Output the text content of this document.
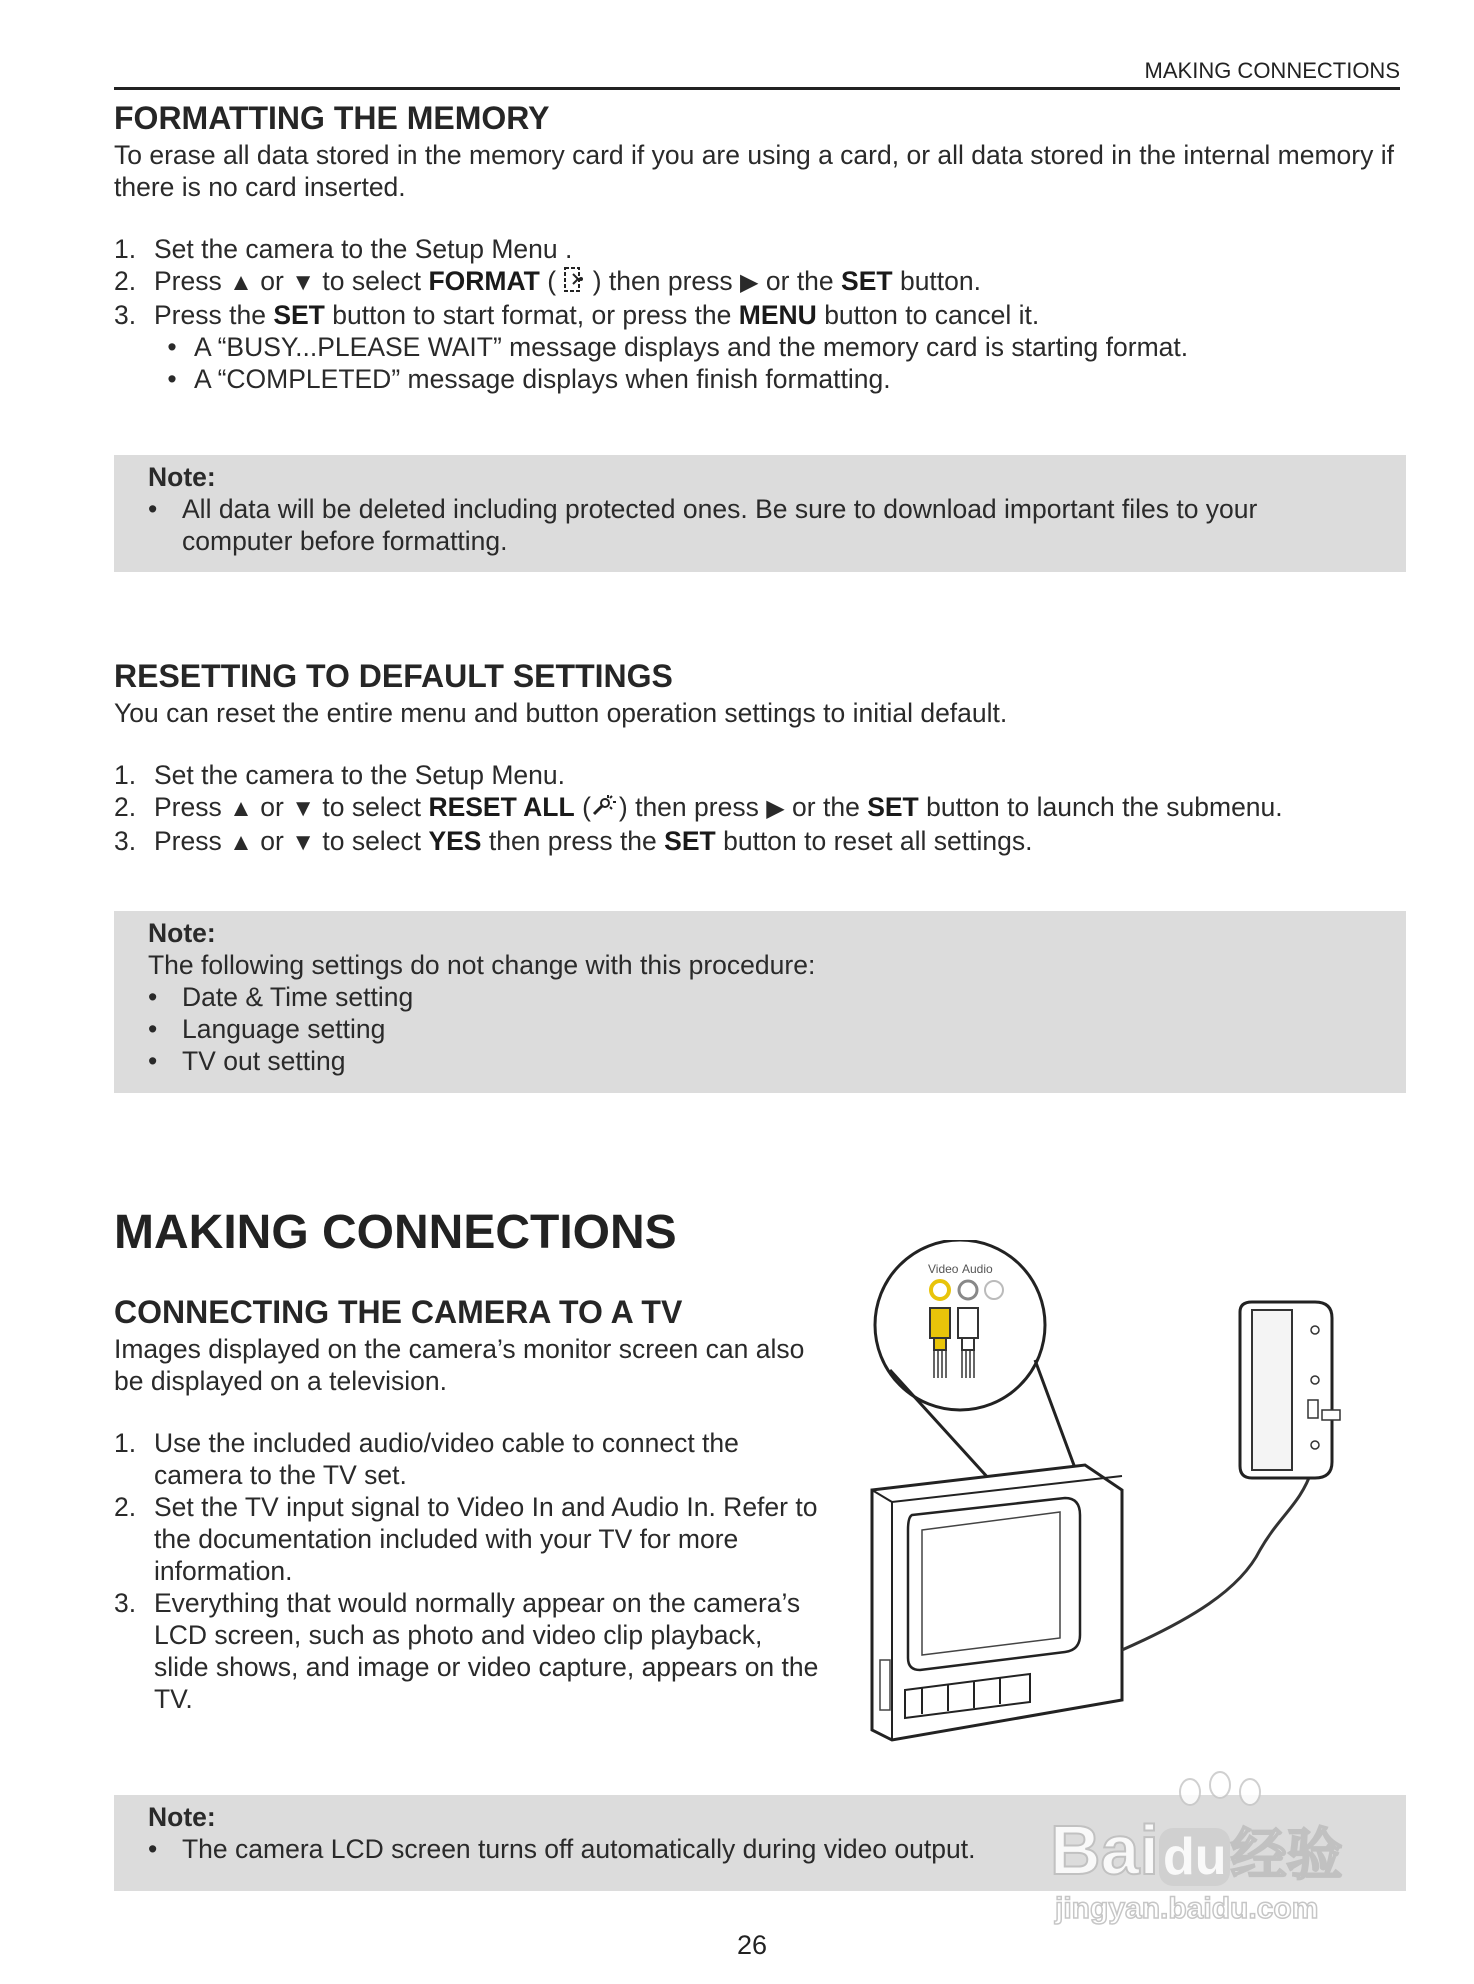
MAKING CONNECTIONS
FORMATTING THE MEMORY

To erase all data stored in the memory card if you are using a card, or all data stored in the internal memory if there is no card inserted.

1. Set the camera to the Setup Menu .
2. Press ▲ or ▼ to select FORMAT (  ) then press ▶ or the SET button.
3. Press the SET button to start format, or press the MENU button to cancel it.
• A “BUSY...PLEASE WAIT” message displays and the memory card is starting format.
• A “COMPLETED” message displays when finish formatting.
Note:
• All data will be deleted including protected ones. Be sure to download important files to your computer before formatting.
RESETTING TO DEFAULT SETTINGS

You can reset the entire menu and button operation settings to initial default.

1. Set the camera to the Setup Menu.
2. Press ▲ or ▼ to select RESET ALL ( ) then press ▶ or the SET button to launch the submenu.
3. Press ▲ or ▼ to select YES then press the SET button to reset all settings.
Note:
The following settings do not change with this procedure:
• Date & Time setting
• Language setting
• TV out setting
MAKING CONNECTIONS
CONNECTING THE CAMERA TO A TV

Images displayed on the camera’s monitor screen can also be displayed on a television.

1. Use the included audio/video cable to connect the camera to the TV set.
2. Set the TV input signal to Video In and Audio In. Refer to the documentation included with your TV for more information.
3. Everything that would normally appear on the camera’s LCD screen, such as photo and video clip playback, slide shows, and image or video capture, appears on the TV.
Video Audio
Note:
• The camera LCD screen turns off automatically during video output. Baidu经验
jingyan.baidu.com
26
